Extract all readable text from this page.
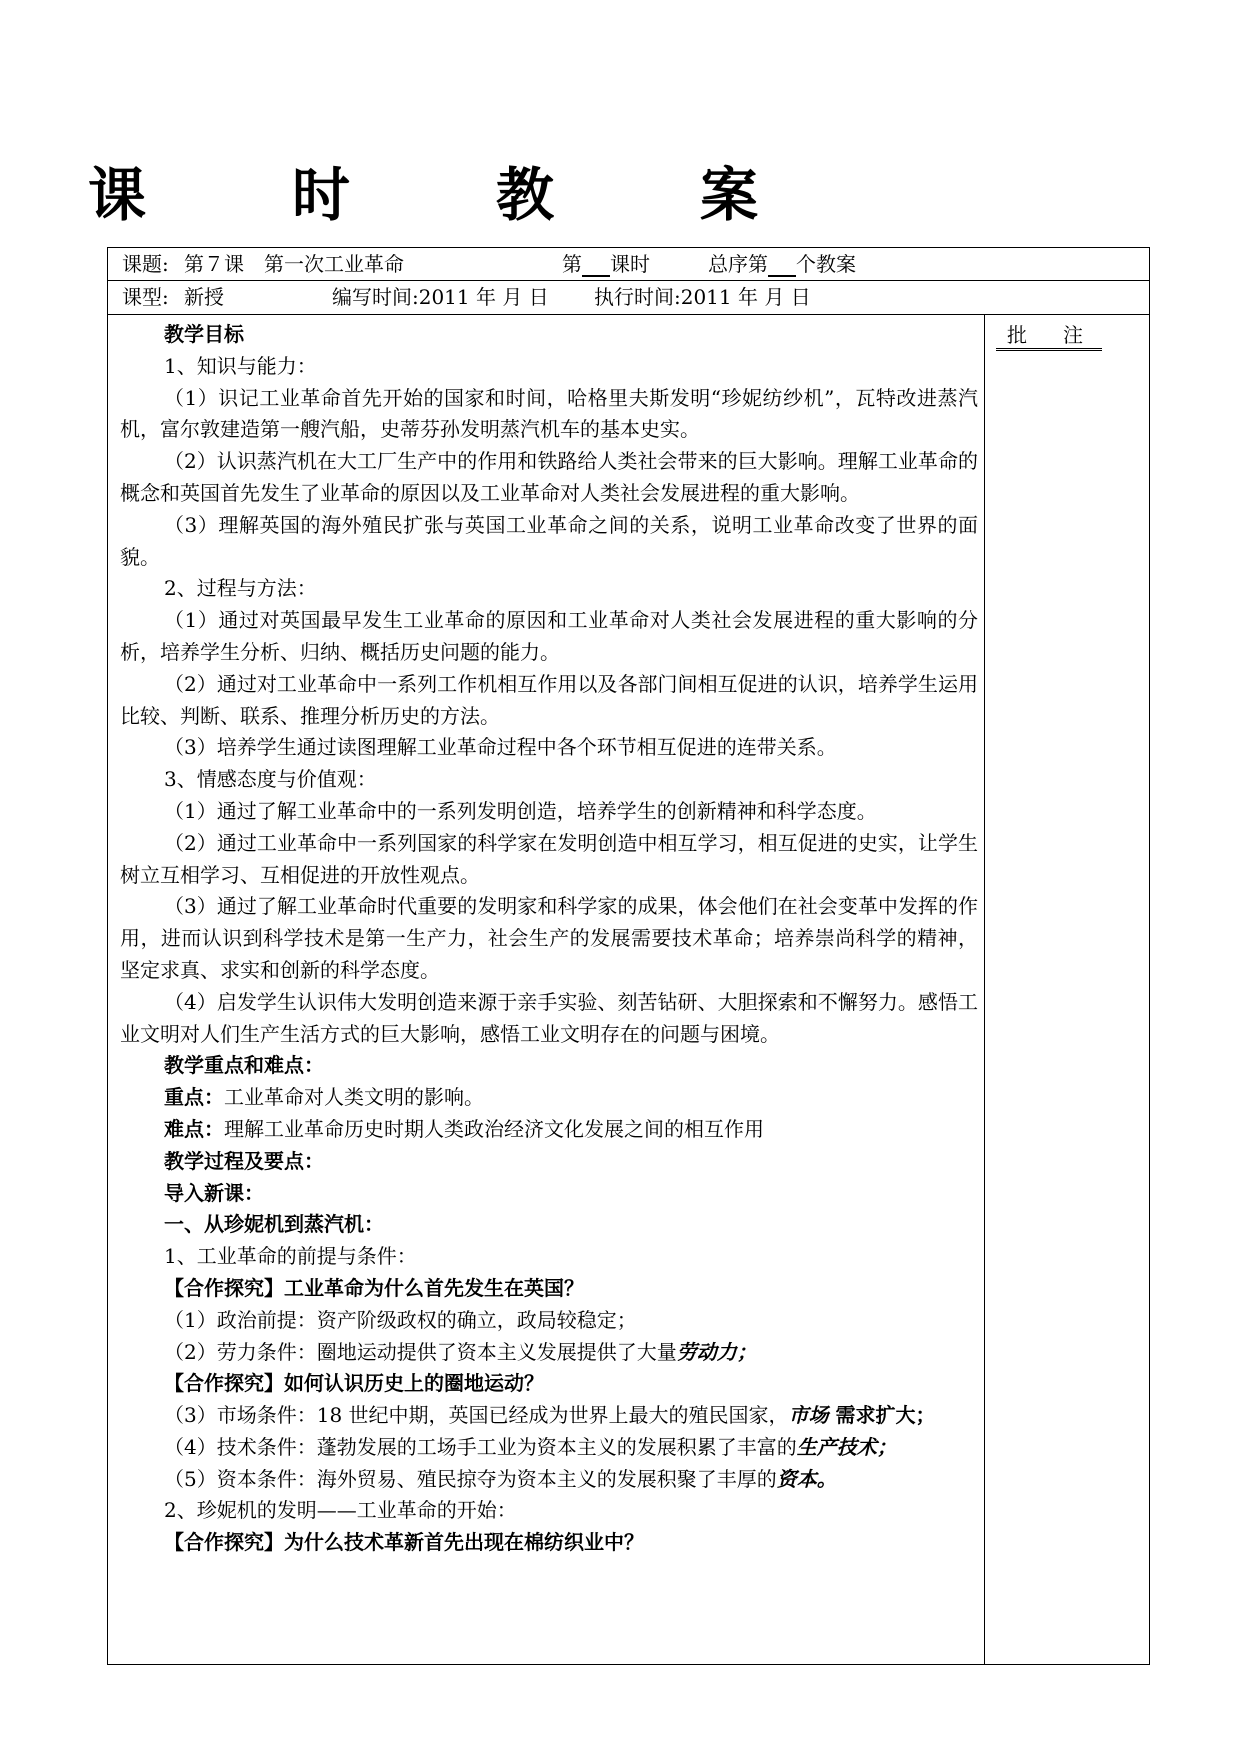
课　时　教　案
课题: 第７课　第一次工业革命	第 课时	总序第 个教案
课型: 新授	编写时间:2011 年 月 日 执行时间:2011 年 月 日
批　注

教学目标

1、知识与能力：

（1）识记工业革命首先开始的国家和时间，哈格里夫斯发明“珍妮纺纱机”，瓦特改进蒸汽机，富尔敦建造第一艘汽船，史蒂芬孙发明蒸汽机车的基本史实。

（2）认识蒸汽机在大工厂生产中的作用和铁路给人类社会带来的巨大影响。理解工业革命的概念和英国首先发生了业革命的原因以及工业革命对人类社会发展进程的重大影响。

（3）理解英国的海外殖民扩张与英国工业革命之间的关系，说明工业革命改变了世界的面貌。

2、过程与方法：

（1）通过对英国最早发生工业革命的原因和工业革命对人类社会发展进程的重大影响的分析，培养学生分析、归纳、概括历史问题的能力。

（2）通过对工业革命中一系列工作机相互作用以及各部门间相互促进的认识，培养学生运用比较、判断、联系、推理分析历史的方法。

（3）培养学生通过读图理解工业革命过程中各个环节相互促进的连带关系。

3、情感态度与价值观：

（1）通过了解工业革命中的一系列发明创造，培养学生的创新精神和科学态度。

（2）通过工业革命中一系列国家的科学家在发明创造中相互学习，相互促进的史实，让学生树立互相学习、互相促进的开放性观点。

（3）通过了解工业革命时代重要的发明家和科学家的成果，体会他们在社会变革中发挥的作用，进而认识到科学技术是第一生产力，社会生产的发展需要技术革命；培养崇尚科学的精神，坚定求真、求实和创新的科学态度。

（4）启发学生认识伟大发明创造来源于亲手实验、刻苦钻研、大胆探索和不懈努力。感悟工业文明对人们生产生活方式的巨大影响，感悟工业文明存在的问题与困境。

教学重点和难点：

重点：工业革命对人类文明的影响。

难点：理解工业革命历史时期人类政治经济文化发展之间的相互作用

教学过程及要点：

导入新课：

一、从珍妮机到蒸汽机：

1、工业革命的前提与条件：

【合作探究】工业革命为什么首先发生在英国？

（1）政治前提：资产阶级政权的确立，政局较稳定；

（2）劳力条件：圈地运动提供了资本主义发展提供了大量劳动力；

【合作探究】如何认识历史上的圈地运动？

（3）市场条件：18 世纪中期，英国已经成为世界上最大的殖民国家，市场 需求扩大；

（4）技术条件：蓬勃发展的工场手工业为资本主义的发展积累了丰富的生产技术；

（5）资本条件：海外贸易、殖民掠夺为资本主义的发展积聚了丰厚的资本。

2、珍妮机的发明——工业革命的开始：

【合作探究】为什么技术革新首先出现在棉纺织业中？
